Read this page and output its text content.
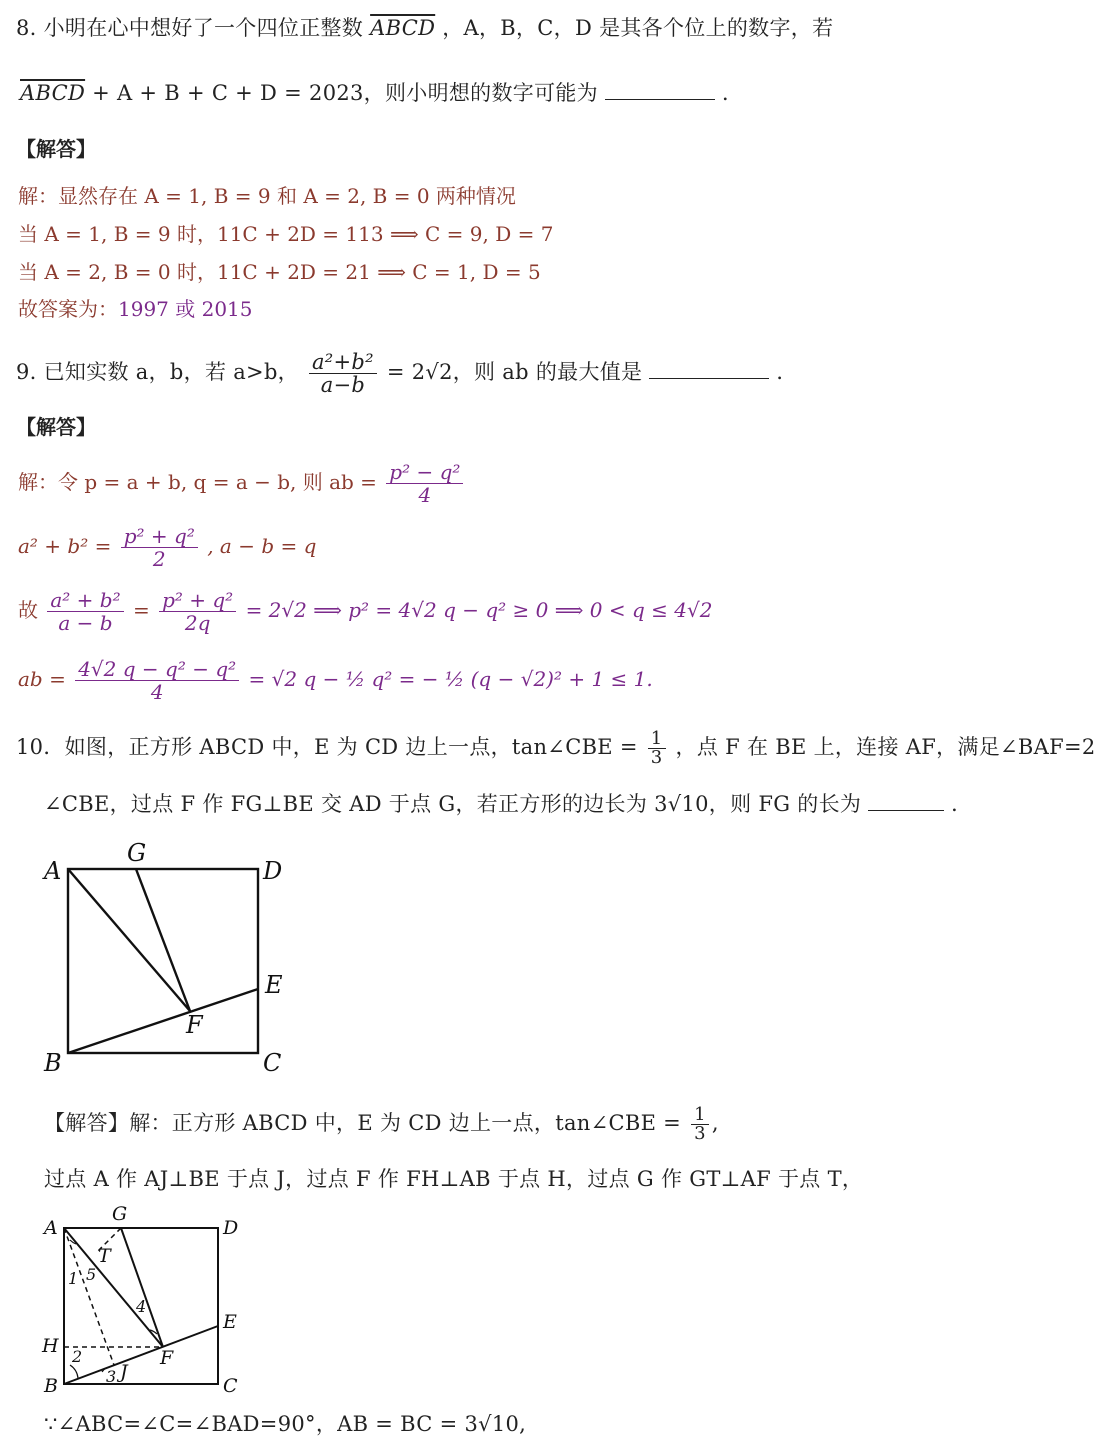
8. 小明在心中想好了一个四位正整数 ABCD ，A，B，C，D 是其各个位上的数字，若
ABCD + A + B + C + D = 2023，则小明想的数字可能为	．
【解答】
解：显然存在 A = 1, B = 9 和 A = 2, B = 0 两种情况
当 A = 1, B = 9 时，11C + 2D = 113 ⟹ C = 9, D = 7
当 A = 2, B = 0 时，11C + 2D = 21 ⟹ C = 1, D = 5
故答案为：1997 或 2015
9. 已知实数 a，b，若 a>b， $\frac{\text{a²+b²}}{a-b} = 2√2$，则 ab 的最大值是	．
【解答】
解：令 p = a + b, q = a − b, 则 ab = $\frac{\text{p² − q²}}{4}$
$a^2 + b^2 = \frac{\text{p² + q²}}{2}$ , a − b = q
故 $\frac{\text{a² + b²}}{a - b} = \frac{\text{p² + q²}}{2q} = 2√2$ ⟹ p² = 4√2 q − q² ≥ 0 ⟹ 0 < q ≤ 4√2
ab = $\frac{\text{4√2 q − q² − q²}}{4} = √2$ q − ½ q² = − ½ (q − √2)² + 1 ≤ 1.
10．如图，正方形 ABCD 中，E 为 CD 边上一点，tan∠CBE = $\frac{1}{3}$ ，点 F 在 BE 上，连接 AF，满足∠BAF=2
∠CBE，过点 F 作 FG⊥BE 交 AD 于点 G，若正方形的边长为 3√10，则 FG 的长为	．
A
G
D
E
F
B	C
【解答】解：正方形 ABCD 中，E 为 CD 边上一点，tan∠CBE = $\frac{1}{3}$ ,
过点 A 作 AJ⊥BE 于点 J，过点 F 作 FH⊥AB 于点 H，过点 G 作 GT⊥AF 于点 T，
A
G
D
E
F
H
B	C
J
T
1 5
2
3
4
∵∠ABC=∠C=∠BAD=90°，AB = BC = 3√10,
